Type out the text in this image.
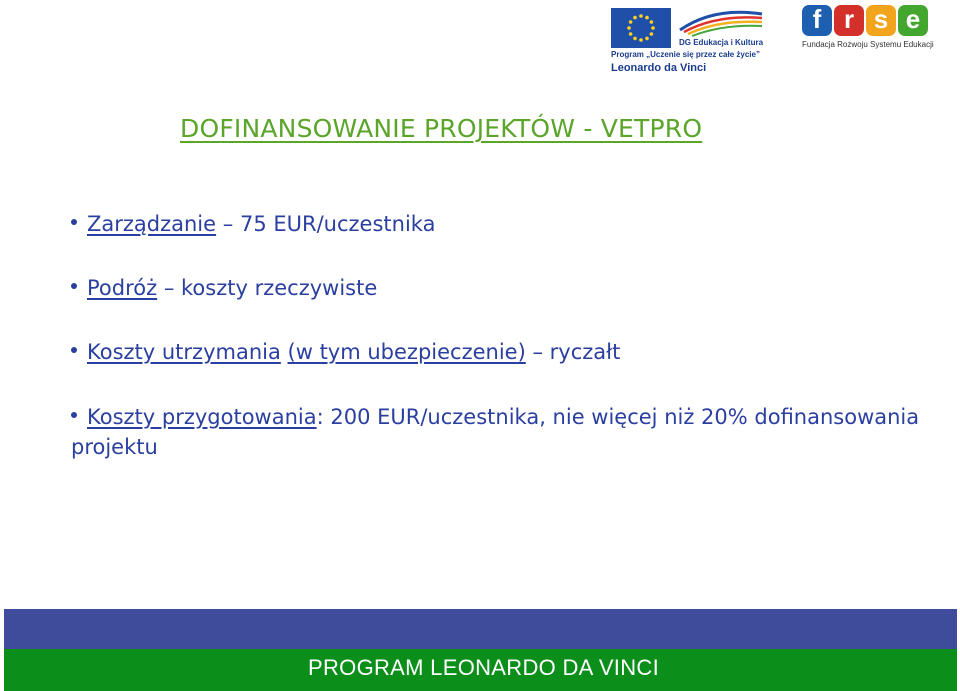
DG Edukacja i Kultura
Program „Uczenie się przez całe życie”
Leonardo da Vinci
f r s e
Fundacja Rozwoju Systemu Edukacji
DOFINANSOWANIE PROJEKTÓW - VETPRO
Zarządzanie – 75 EUR/uczestnika
Podróż – koszty rzeczywiste
Koszty utrzymania (w tym ubezpieczenie) – ryczałt
Koszty przygotowania: 200 EUR/uczestnika, nie więcej niż 20% dofinansowania projektu
PROGRAM LEONARDO DA VINCI
